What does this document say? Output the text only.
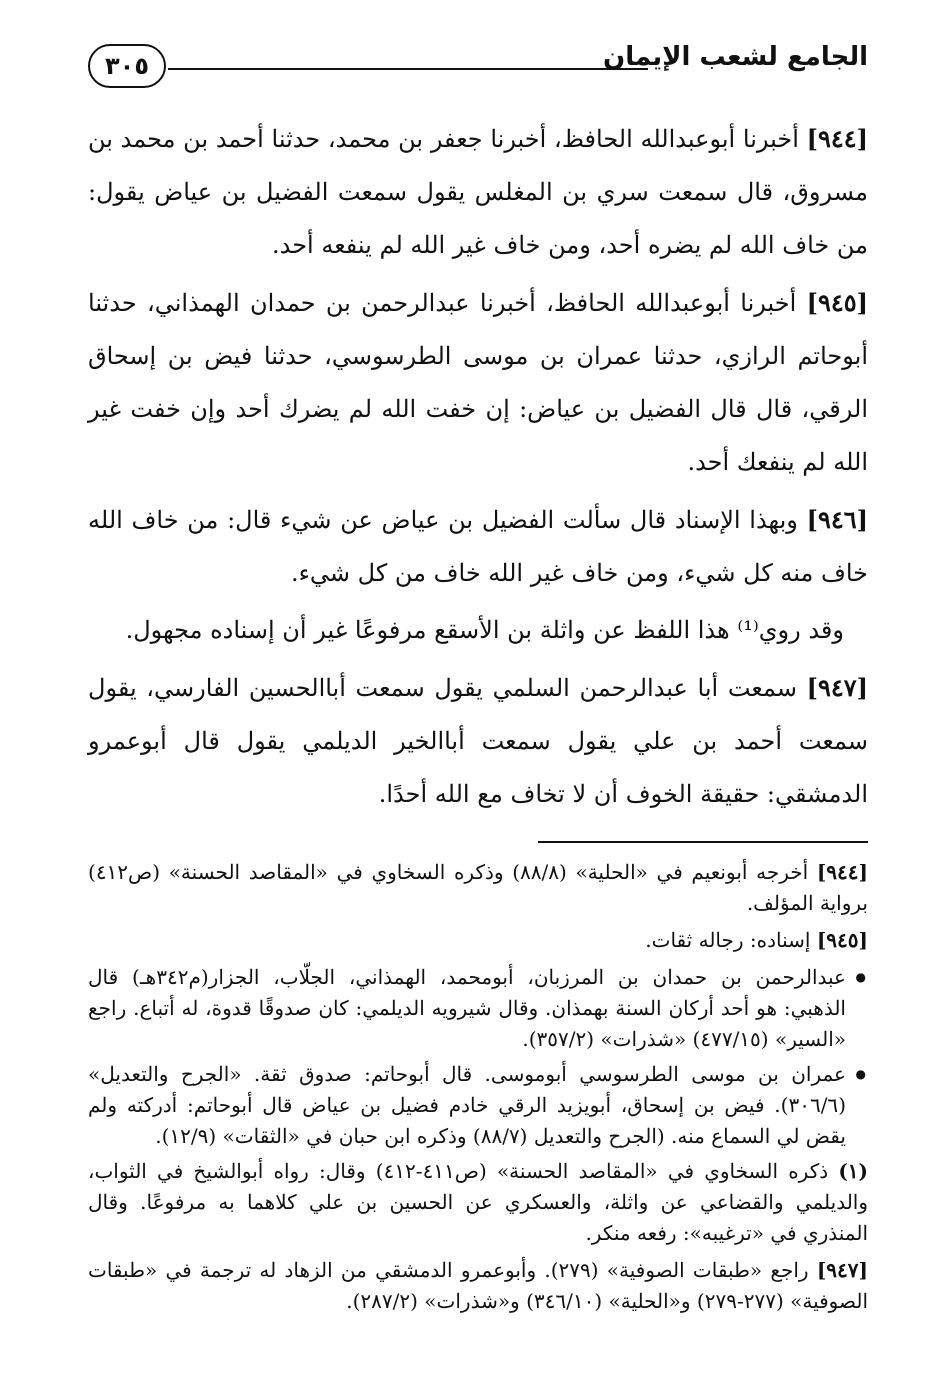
الجامع لشعب الإيمان
٣٠٥

[٩٤٤] أخبرنا أبوعبدالله الحافظ، أخبرنا جعفر بن محمد، حدثنا أحمد بن محمد بن مسروق، قال سمعت سري بن المغلس يقول سمعت الفضيل بن عياض يقول: من خاف الله لم يضره أحد، ومن خاف غير الله لم ينفعه أحد.

[٩٤٥] أخبرنا أبوعبدالله الحافظ، أخبرنا عبدالرحمن بن حمدان الهمذاني، حدثنا أبوحاتم الرازي، حدثنا عمران بن موسى الطرسوسي، حدثنا فيض بن إسحاق الرقي، قال قال الفضيل بن عياض: إن خفت الله لم يضرك أحد وإن خفت غير الله لم ينفعك أحد.

[٩٤٦] وبهذا الإسناد قال سألت الفضيل بن عياض عن شيء قال: من خاف الله خاف منه كل شيء، ومن خاف غير الله خاف من كل شيء.

وقد روي⁽¹⁾ هذا اللفظ عن واثلة بن الأسقع مرفوعًا غير أن إسناده مجهول.

[٩٤٧] سمعت أبا عبدالرحمن السلمي يقول سمعت أباالحسين الفارسي، يقول سمعت أحمد بن علي يقول سمعت أباالخير الديلمي يقول قال أبوعمرو الدمشقي: حقيقة الخوف أن لا تخاف مع الله أحدًا.

[٩٤٤] أخرجه أبونعيم في «الحلية» (٨٨/٨) وذكره السخاوي في «المقاصد الحسنة» (ص٤١٢) برواية المؤلف.

[٩٤٥] إسناده: رجاله ثقات.

● عبدالرحمن بن حمدان بن المرزبان، أبومحمد، الهمذاني، الجلّاب، الجزار(م٣٤٢هـ) قال الذهبي: هو أحد أركان السنة بهمذان. وقال شيرويه الديلمي: كان صدوقًا قدوة، له أتباع. راجع «السير» (٤٧٧/١٥) «شذرات» (٣٥٧/٢).

● عمران بن موسى الطرسوسي أبوموسى. قال أبوحاتم: صدوق ثقة. «الجرح والتعديل» (٣٠٦/٦). فيض بن إسحاق، أبويزيد الرقي خادم فضيل بن عياض قال أبوحاتم: أدركته ولم يقض لي السماع منه. (الجرح والتعديل (٨٨/٧) وذكره ابن حبان في «الثقات» (١٢/٩).

(١) ذكره السخاوي في «المقاصد الحسنة» (ص٤١١-٤١٢) وقال: رواه أبوالشيخ في الثواب، والديلمي والقضاعي عن واثلة، والعسكري عن الحسين بن علي كلاهما به مرفوعًا. وقال المنذري في «ترغيبه»: رفعه منكر.

[٩٤٧] راجع «طبقات الصوفية» (٢٧٩). وأبوعمرو الدمشقي من الزهاد له ترجمة في «طبقات الصوفية» (٢٧٧-٢٧٩) و«الحلية» (٣٤٦/١٠) و«شذرات» (٢٨٧/٢).
